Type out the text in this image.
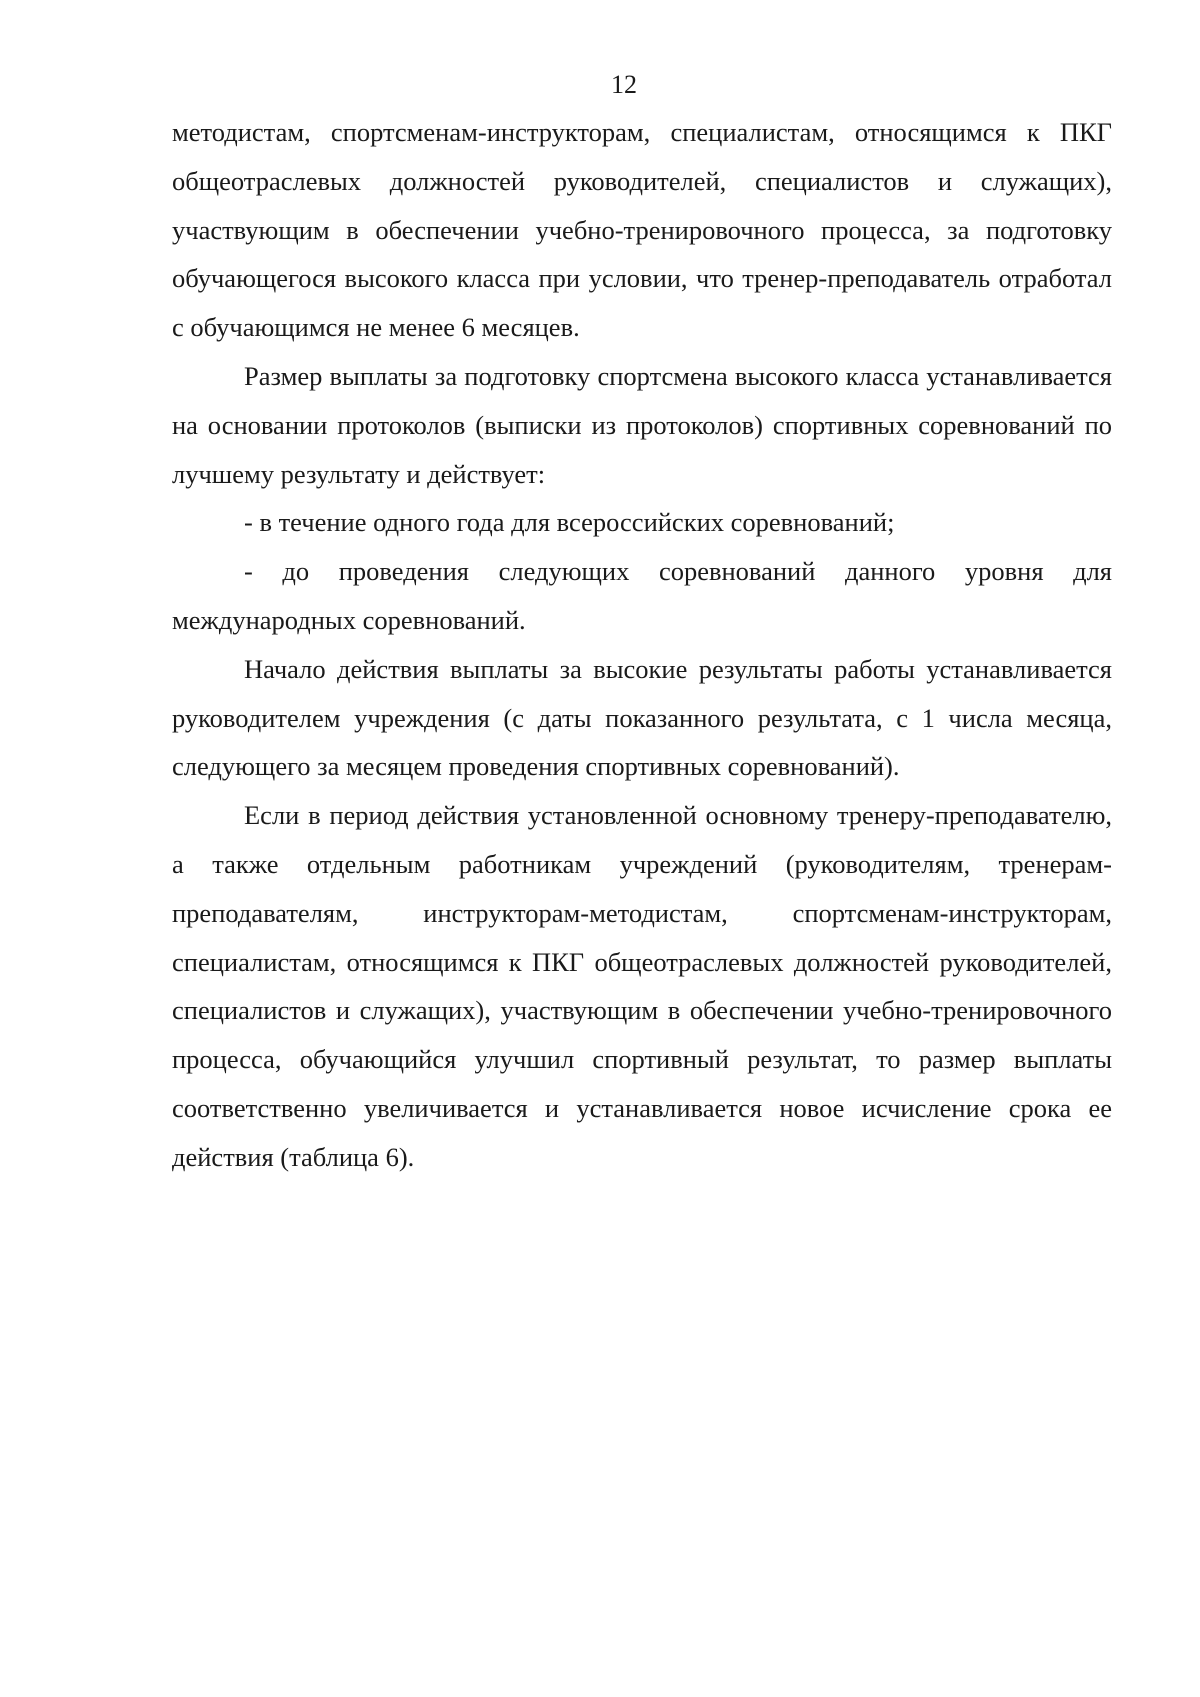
12

методистам, спортсменам-инструкторам, специалистам, относящимся к ПКГ общеотраслевых должностей руководителей, специалистов и служащих), участвующим в обеспечении учебно-тренировочного процесса, за подготовку обучающегося высокого класса при условии, что тренер-преподаватель отработал с обучающимся не менее 6 месяцев.

Размер выплаты за подготовку спортсмена высокого класса устанавливается на основании протоколов (выписки из протоколов) спортивных соревнований по лучшему результату и действует:

- в течение одного года для всероссийских соревнований;

- до проведения следующих соревнований данного уровня для международных соревнований.

Начало действия выплаты за высокие результаты работы устанавливается руководителем учреждения (с даты показанного результата, с 1 числа месяца, следующего за месяцем проведения спортивных соревнований).

Если в период действия установленной основному тренеру-преподавателю, а также отдельным работникам учреждений (руководителям, тренерам-преподавателям, инструкторам-методистам, спортсменам-инструкторам, специалистам, относящимся к ПКГ общеотраслевых должностей руководителей, специалистов и служащих), участвующим в обеспечении учебно-тренировочного процесса, обучающийся улучшил спортивный результат, то размер выплаты соответственно увеличивается и устанавливается новое исчисление срока ее действия (таблица 6).
